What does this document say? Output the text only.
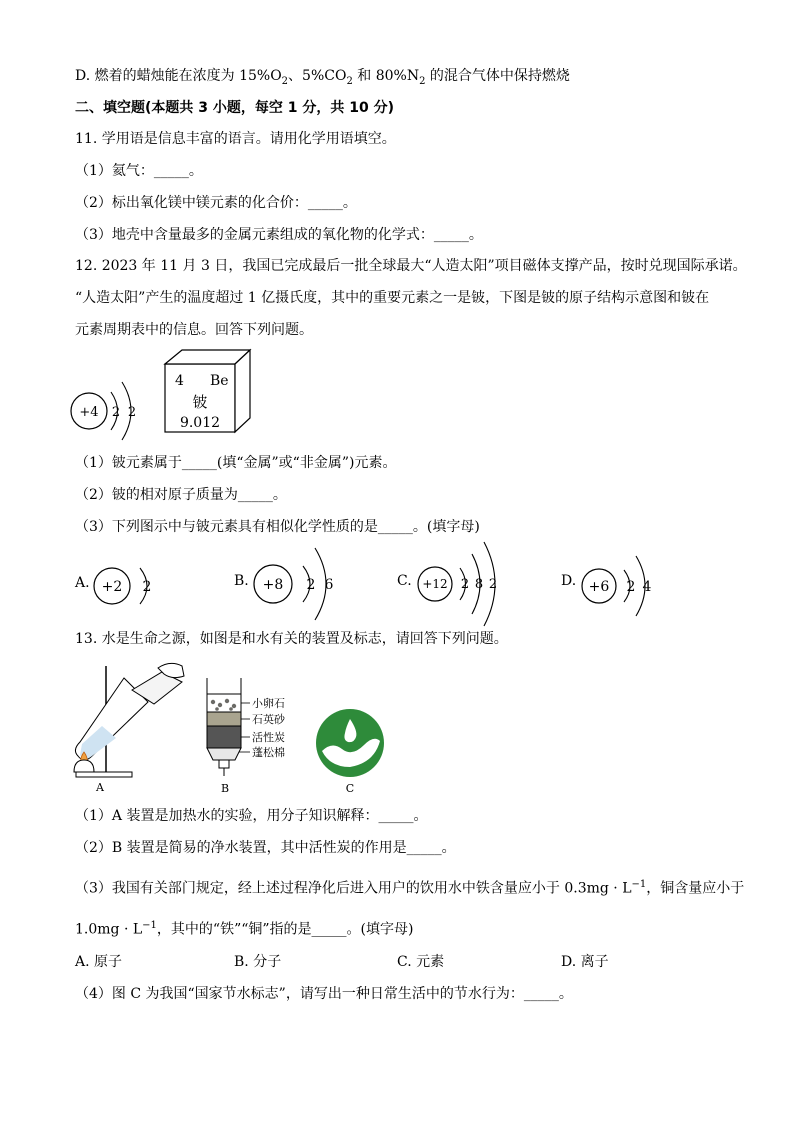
D. 燃着的蜡烛能在浓度为 $15\%O_2$、$5\%CO_2$ 和 $80\%N_2$ 的混合气体中保持燃烧
二、填空题(本题共 3 小题，每空 1 分，共 10 分)
11. 学用语是信息丰富的语言。请用化学用语填空。
（1）氦气：_____。
（2）标出氧化镁中镁元素的化合价：_____。
（3）地壳中含量最多的金属元素组成的氧化物的化学式：_____。
12. 2023 年 11 月 3 日，我国已完成最后一批全球最大“人造太阳”项目磁体支撑产品，按时兑现国际承诺。
“人造太阳”产生的温度超过 1 亿摄氏度，其中的重要元素之一是铍，下图是铍的原子结构示意图和铍在
元素周期表中的信息。回答下列问题。
+4 2 2
4 Be
铍
9.012
（1）铍元素属于_____(填“金属”或“非金属”)元素。
（2）铍的相对原子质量为_____。
（3）下列图示中与铍元素具有相似化学性质的是_____。(填字母)
A. +2 2	B. +8 2 6	C. +12 2 8 2	D. +6 2 4
13. 水是生命之源，如图是和水有关的装置及标志，请回答下列问题。
A
小卵石
石英砂
活性炭
蓬松棉
B	C
（1）A 装置是加热水的实验，用分子知识解释：_____。
（2）B 装置是简易的净水装置，其中活性炭的作用是_____。
（3）我国有关部门规定，经上述过程净化后进入用户的饮用水中铁含量应小于 $0.3mg \cdot L^{-1}$，铜含量应小于
$1.0mg \cdot L^{-1}$，其中的“铁”“铜”指的是_____。(填字母)
A. 原子	B. 分子	C. 元素	D. 离子
（4）图 C 为我国“国家节水标志”，请写出一种日常生活中的节水行为：_____。
